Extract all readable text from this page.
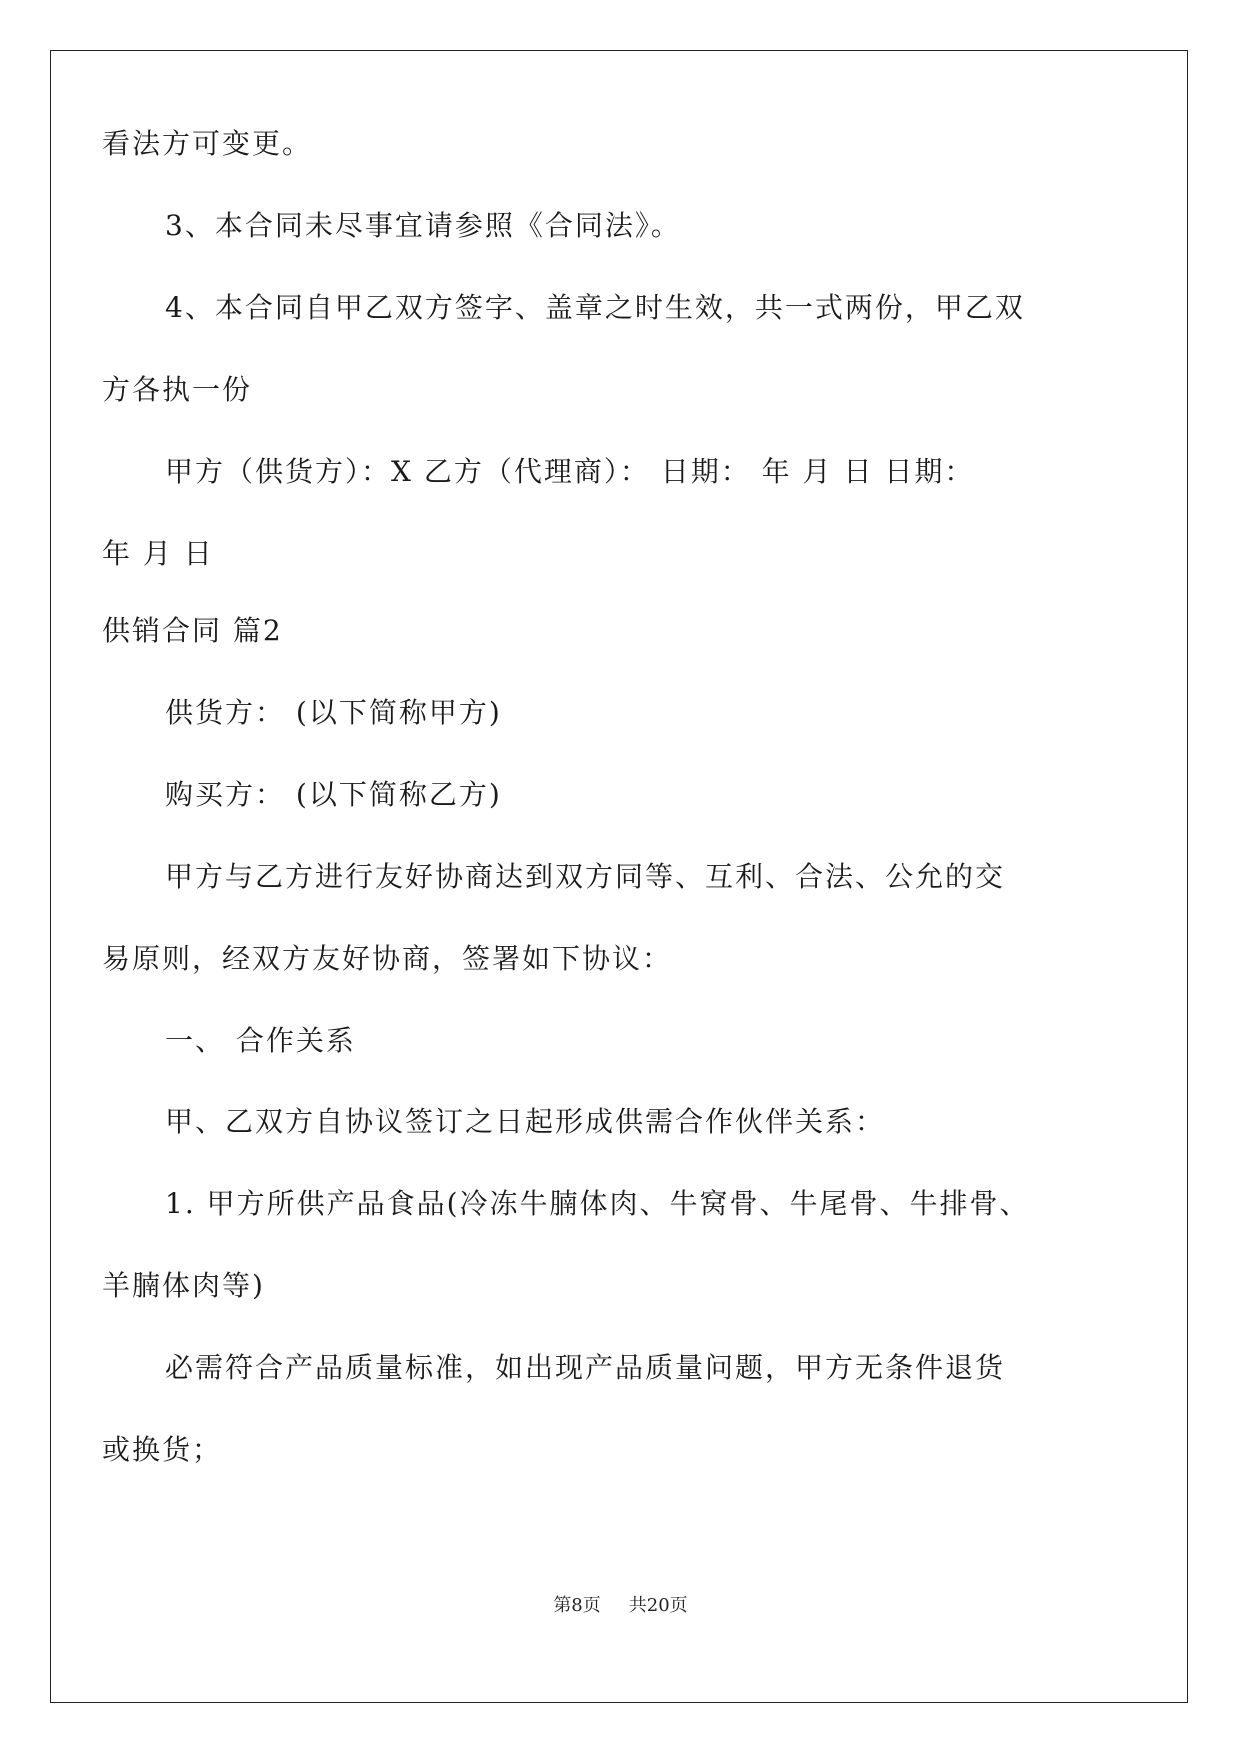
看法方可变更。
3、本合同未尽事宜请参照《合同法》。
4、本合同自甲乙双方签字、盖章之时生效，共一式两份，甲乙双
方各执一份
甲方（供货方）：X 乙方（代理商）： 日期： 年 月 日 日期：
年 月 日
供销合同 篇2
供货方： (以下简称甲方)
购买方： (以下简称乙方)
甲方与乙方进行友好协商达到双方同等、互利、合法、公允的交
易原则，经双方友好协商，签署如下协议：
一、 合作关系
甲、乙双方自协议签订之日起形成供需合作伙伴关系：
1. 甲方所供产品食品(冷冻牛腩体肉、牛窝骨、牛尾骨、牛排骨、
羊腩体肉等)
必需符合产品质量标准，如出现产品质量问题，甲方无条件退货
或换货；
第8页 共20页
